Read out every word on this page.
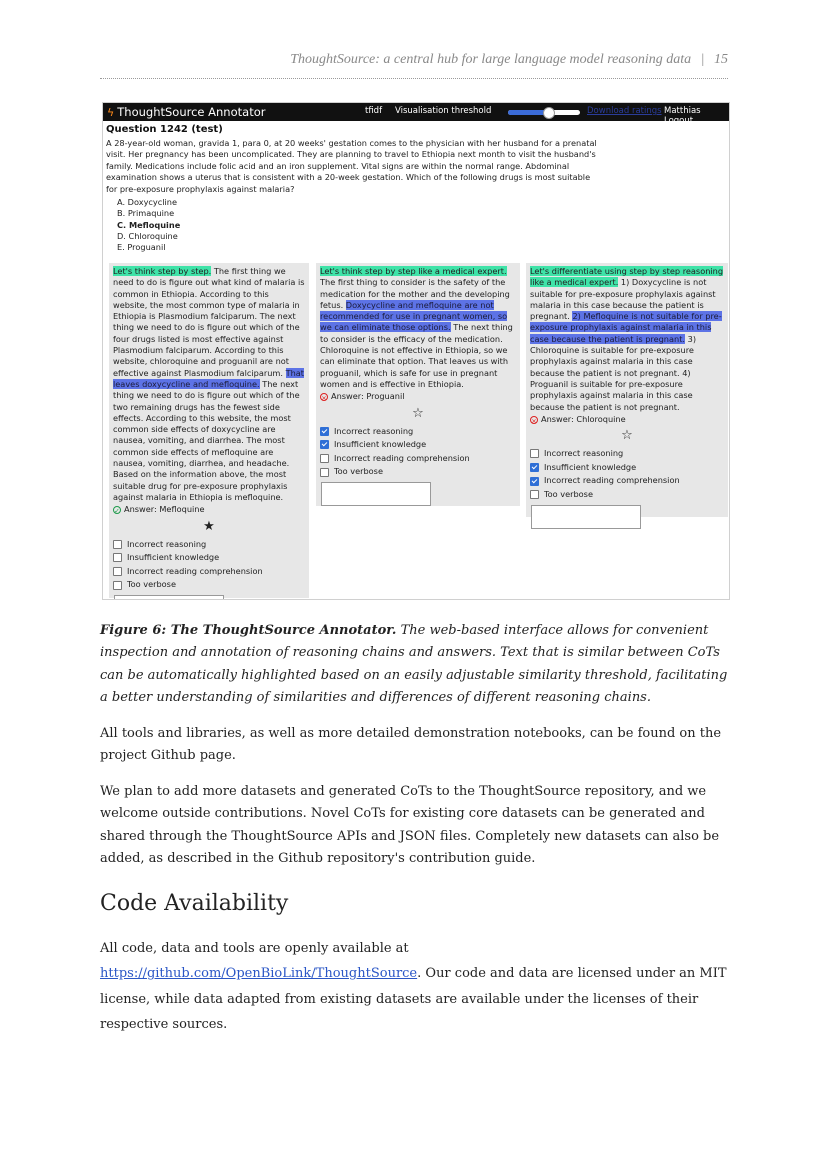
ThoughtSource: a central hub for large language model reasoning data | 15
ϟ ThoughtSource Annotator	tfidf Visualisation threshold	Download ratings Matthias Logout
Question 1242 (test)
A 28-year-old woman, gravida 1, para 0, at 20 weeks' gestation comes to the physician with her husband for a prenatal visit. Her pregnancy has been uncomplicated. They are planning to travel to Ethiopia next month to visit the husband's family. Medications include folic acid and an iron supplement. Vital signs are within the normal range. Abdominal examination shows a uterus that is consistent with a 20-week gestation. Which of the following drugs is most suitable for pre-exposure prophylaxis against malaria?
A. Doxycycline
B. Primaquine
C. Mefloquine
D. Chloroquine
E. Proguanil
Let's think step by step. The first thing we need to do is figure out what kind of malaria is common in Ethiopia. According to this website, the most common type of malaria in Ethiopia is Plasmodium falciparum. The next thing we need to do is figure out which of the four drugs listed is most effective against Plasmodium falciparum. According to this website, chloroquine and proguanil are not effective against Plasmodium falciparum. That leaves doxycycline and mefloquine. The next thing we need to do is figure out which of the two remaining drugs has the fewest side effects. According to this website, the most common side effects of doxycycline are nausea, vomiting, and diarrhea. The most common side effects of mefloquine are nausea, vomiting, diarrhea, and headache. Based on the information above, the most suitable drug for pre-exposure prophylaxis against malaria in Ethiopia is mefloquine.
✓ Answer: Mefloquine
★
Incorrect reasoning
Insufficient knowledge
Incorrect reading comprehension
Too verbose
Let's think step by step like a medical expert. The first thing to consider is the safety of the medication for the mother and the developing fetus. Doxycycline and mefloquine are not recommended for use in pregnant women, so we can eliminate those options. The next thing to consider is the efficacy of the medication. Chloroquine is not effective in Ethiopia, so we can eliminate that option. That leaves us with proguanil, which is safe for use in pregnant women and is effective in Ethiopia.
× Answer: Proguanil
☆
Incorrect reasoning
Insufficient knowledge
Incorrect reading comprehension
Too verbose
Let's differentiate using step by step reasoning like a medical expert. 1) Doxycycline is not suitable for pre-exposure prophylaxis against malaria in this case because the patient is pregnant. 2) Mefloquine is not suitable for pre-exposure prophylaxis against malaria in this case because the patient is pregnant. 3) Chloroquine is suitable for pre-exposure prophylaxis against malaria in this case because the patient is not pregnant. 4) Proguanil is suitable for pre-exposure prophylaxis against malaria in this case because the patient is not pregnant.
× Answer: Chloroquine
☆
Incorrect reasoning
Insufficient knowledge
Incorrect reading comprehension
Too verbose
Figure 6: The ThoughtSource Annotator. The web-based interface allows for convenient inspection and annotation of reasoning chains and answers. Text that is similar between CoTs can be automatically highlighted based on an easily adjustable similarity threshold, facilitating a better understanding of similarities and differences of different reasoning chains.

All tools and libraries, as well as more detailed demonstration notebooks, can be found on the project Github page.

We plan to add more datasets and generated CoTs to the ThoughtSource repository, and we welcome outside contributions. Novel CoTs for existing core datasets can be generated and shared through the ThoughtSource APIs and JSON files. Completely new datasets can also be added, as described in the Github repository's contribution guide.

Code Availability

All code, data and tools are openly available at https://github.com/OpenBioLink/ThoughtSource. Our code and data are licensed under an MIT license, while data adapted from existing datasets are available under the licenses of their respective sources.
